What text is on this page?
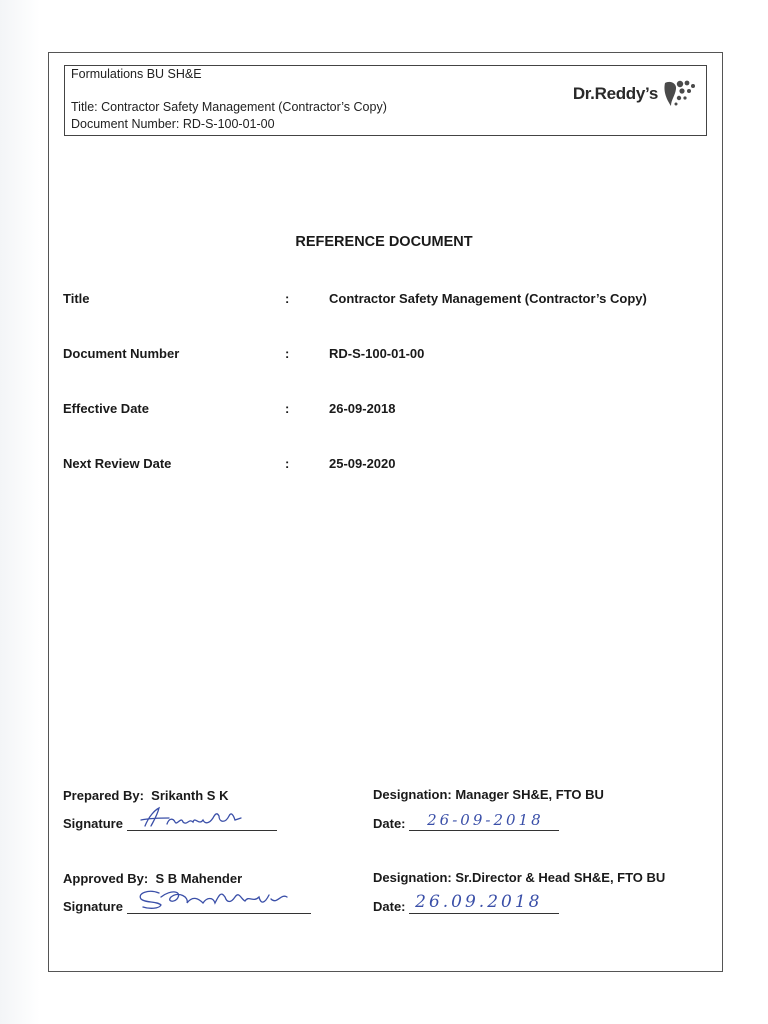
Formulations BU SH&E
Title: Contractor Safety Management (Contractor’s Copy)
Document Number: RD-S-100-01-00
Dr.Reddy’s
REFERENCE DOCUMENT
Title	:	Contractor Safety Management (Contractor’s Copy)
Document Number	:	RD-S-100-01-00
Effective Date	:	26-09-2018
Next Review Date	:	25-09-2020
Prepared By: Srikanth S K
Signature
Designation: Manager SH&E, FTO BU
Date: 26-09-2018
Approved By: S B Mahender
Signature
Designation: Sr.Director & Head SH&E, FTO BU
Date: 26.09.2018
